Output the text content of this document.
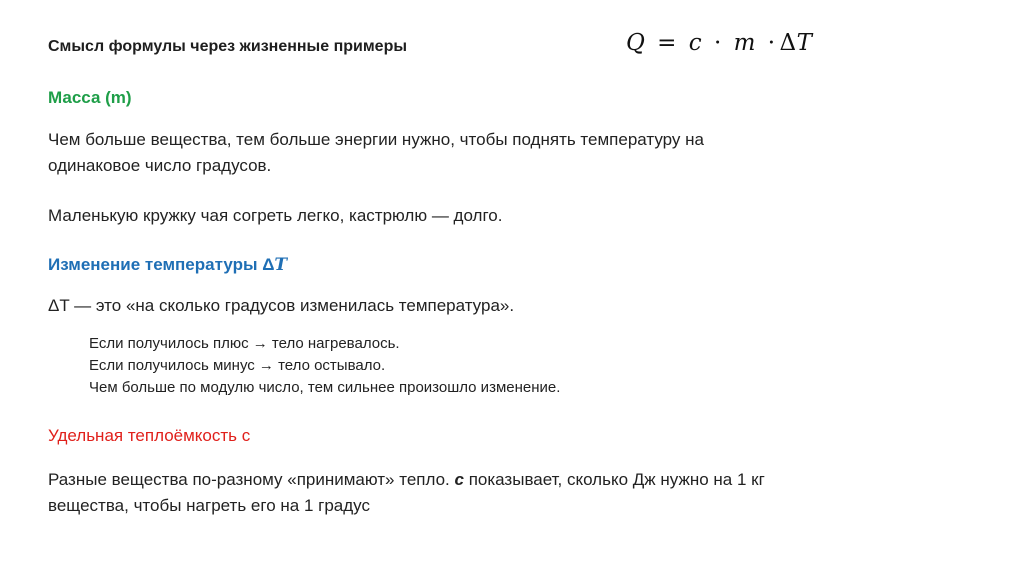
Смысл формулы через жизненные примеры	Q = c · m · ΔT
Масса (m)
Чем больше вещества, тем больше энергии нужно, чтобы поднять температуру на
одинаковое число градусов.
Маленькую кружку чая согреть легко, кастрюлю — долго.
Изменение температуры ΔT
ΔT — это «на сколько градусов изменилась температура».
Если получилось плюс → тело нагревалось.
Если получилось минус → тело остывало.
Чем больше по модулю число, тем сильнее произошло изменение.
Удельная теплоёмкость c
Разные вещества по-разному «принимают» тепло. c показывает, сколько Дж нужно на 1 кг
вещества, чтобы нагреть его на 1 градус
